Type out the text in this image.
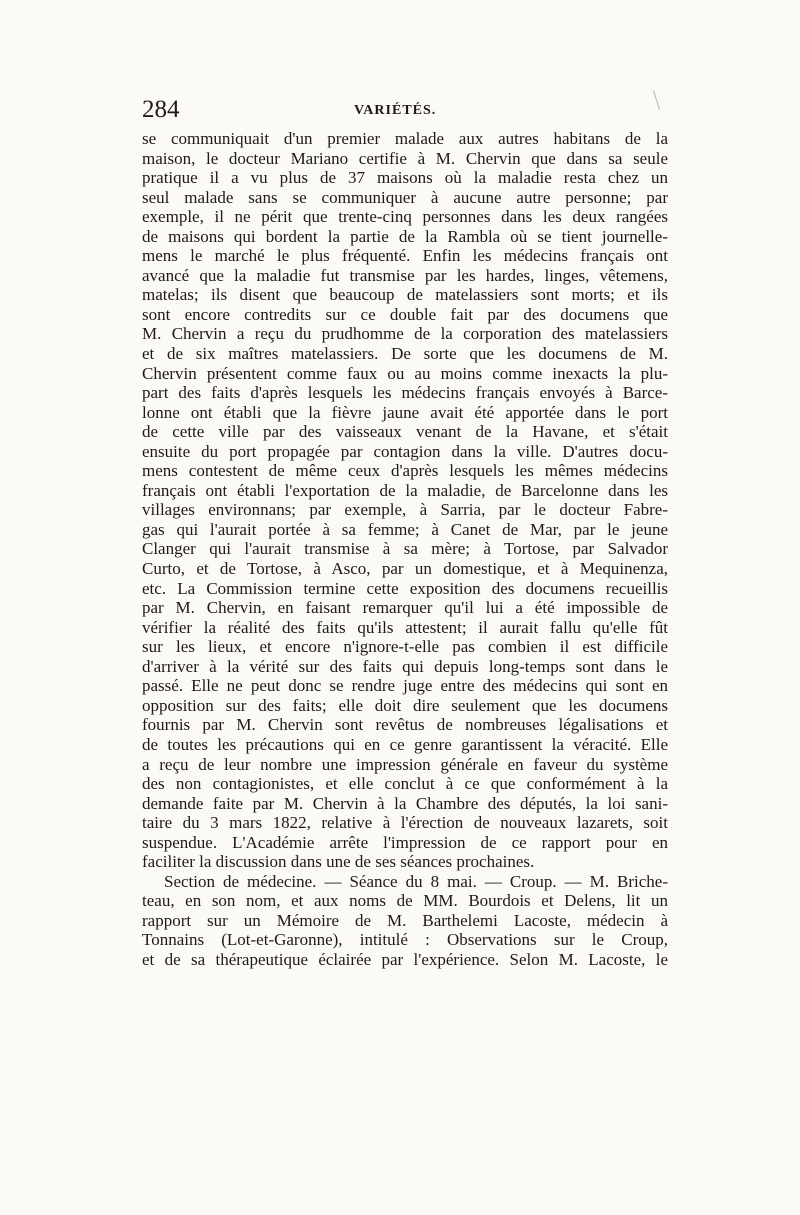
284	VARIÉTÉS.
se communiquait d'un premier malade aux autres habitans de la
maison, le docteur Mariano certifie à M. Chervin que dans sa seule
pratique il a vu plus de 37 maisons où la maladie resta chez un
seul malade sans se communiquer à aucune autre personne; par
exemple, il ne périt que trente-cinq personnes dans les deux rangées
de maisons qui bordent la partie de la Rambla où se tient journelle-
mens le marché le plus fréquenté. Enfin les médecins français ont
avancé que la maladie fut transmise par les hardes, linges, vêtemens,
matelas; ils disent que beaucoup de matelassiers sont morts; et ils
sont encore contredits sur ce double fait par des documens que
M. Chervin a reçu du prudhomme de la corporation des matelassiers
et de six maîtres matelassiers. De sorte que les documens de M.
Chervin présentent comme faux ou au moins comme inexacts la plu-
part des faits d'après lesquels les médecins français envoyés à Barce-
lonne ont établi que la fièvre jaune avait été apportée dans le port
de cette ville par des vaisseaux venant de la Havane, et s'était
ensuite du port propagée par contagion dans la ville. D'autres docu-
mens contestent de même ceux d'après lesquels les mêmes médecins
français ont établi l'exportation de la maladie, de Barcelonne dans les
villages environnans; par exemple, à Sarria, par le docteur Fabre-
gas qui l'aurait portée à sa femme; à Canet de Mar, par le jeune
Clanger qui l'aurait transmise à sa mère; à Tortose, par Salvador
Curto, et de Tortose, à Asco, par un domestique, et à Mequinenza,
etc. La Commission termine cette exposition des documens recueillis
par M. Chervin, en faisant remarquer qu'il lui a été impossible de
vérifier la réalité des faits qu'ils attestent; il aurait fallu qu'elle fût
sur les lieux, et encore n'ignore-t-elle pas combien il est difficile
d'arriver à la vérité sur des faits qui depuis long-temps sont dans le
passé. Elle ne peut donc se rendre juge entre des médecins qui sont en
opposition sur des faits; elle doit dire seulement que les documens
fournis par M. Chervin sont revêtus de nombreuses légalisations et
de toutes les précautions qui en ce genre garantissent la véracité. Elle
a reçu de leur nombre une impression générale en faveur du système
des non contagionistes, et elle conclut à ce que conformément à la
demande faite par M. Chervin à la Chambre des députés, la loi sani-
taire du 3 mars 1822, relative à l'érection de nouveaux lazarets, soit
suspendue. L'Académie arrête l'impression de ce rapport pour en
faciliter la discussion dans une de ses séances prochaines.
Section de médecine. — Séance du 8 mai. — Croup. — M. Briche-
teau, en son nom, et aux noms de MM. Bourdois et Delens, lit un
rapport sur un Mémoire de M. Barthelemi Lacoste, médecin à
Tonnains (Lot-et-Garonne), intitulé : Observations sur le Croup,
et de sa thérapeutique éclairée par l'expérience. Selon M. Lacoste, le
